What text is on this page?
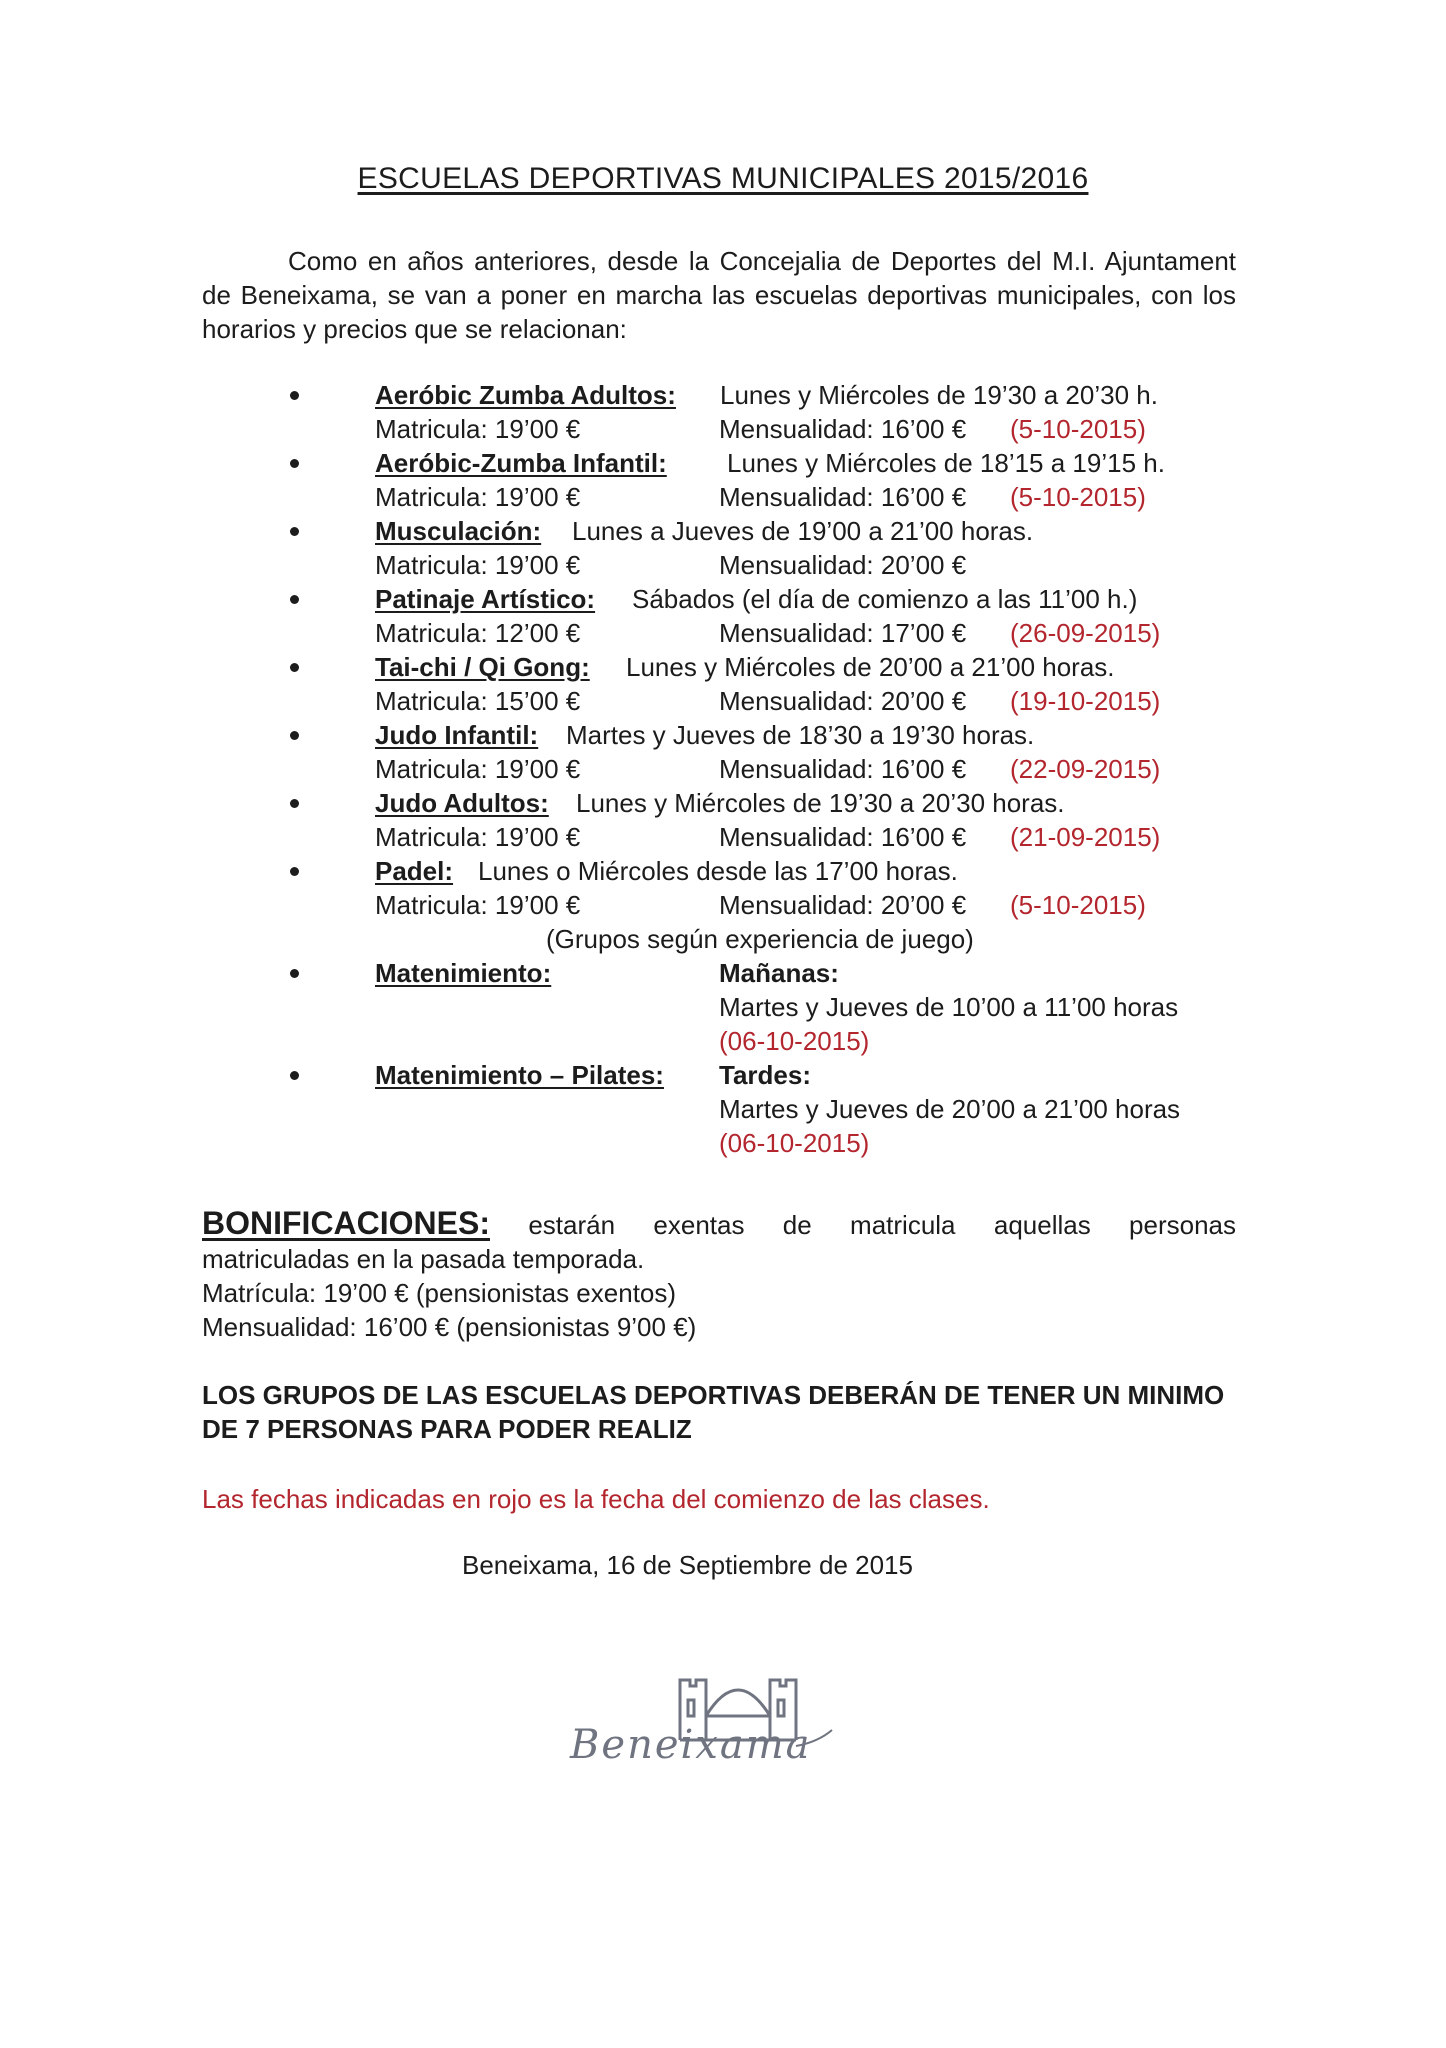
ESCUELAS DEPORTIVAS MUNICIPALES 2015/2016
Como en años anteriores, desde la Concejalia de Deportes del M.I. Ajuntament de Beneixama, se van a poner en marcha las escuelas deportivas municipales, con los horarios y precios que se relacionan:
Aeróbic Zumba Adultos: Lunes y Miércoles de 19’30 a 20’30 h.
Matricula: 19’00 €	Mensualidad: 16’00 € (5-10-2015)
Aeróbic-Zumba Infantil: Lunes y Miércoles de 18’15 a 19’15 h.
Matricula: 19’00 €	Mensualidad: 16’00 € (5-10-2015)
Musculación: Lunes a Jueves de 19’00 a 21’00 horas.
Matricula: 19’00 €	Mensualidad: 20’00 €
Patinaje Artístico: Sábados (el día de comienzo a las 11’00 h.)
Matricula: 12’00 €	Mensualidad: 17’00 € (26-09-2015)
Tai-chi / Qi Gong: Lunes y Miércoles de 20’00 a 21’00 horas.
Matricula: 15’00 €	Mensualidad: 20’00 € (19-10-2015)
Judo Infantil: Martes y Jueves de 18’30 a 19’30 horas.
Matricula: 19’00 €	Mensualidad: 16’00 € (22-09-2015)
Judo Adultos: Lunes y Miércoles de 19’30 a 20’30 horas.
Matricula: 19’00 €	Mensualidad: 16’00 € (21-09-2015)
Padel: Lunes o Miércoles desde las 17’00 horas.
Matricula: 19’00 €	Mensualidad: 20’00 € (5-10-2015)
(Grupos según experiencia de juego)
Matenimiento:	Mañanas:
Martes y Jueves de 10’00 a 11’00 horas
(06-10-2015)
Matenimiento – Pilates: Tardes:
Martes y Jueves de 20’00 a 21’00 horas
(06-10-2015)
BONIFICACIONES: estarán exentas de matricula aquellas personas
matriculadas en la pasada temporada.
Matrícula: 19’00 € (pensionistas exentos)
Mensualidad: 16’00 € (pensionistas 9’00 €)
LOS GRUPOS DE LAS ESCUELAS DEPORTIVAS DEBERÁN DE TENER UN MINIMO DE 7 PERSONAS PARA PODER REALIZ
Las fechas indicadas en rojo es la fecha del comienzo de las clases.
Beneixama, 16 de Septiembre de 2015
Beneixama
